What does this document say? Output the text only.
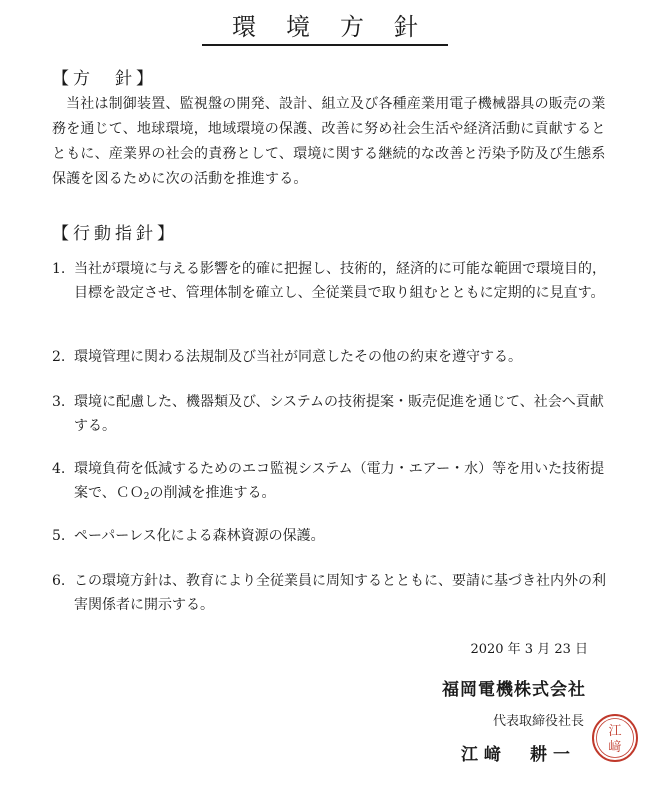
環境方針
【方　針】

当社は制御装置、監視盤の開発、設計、組立及び各種産業用電子機械器具の販売の業務を通じて、地球環境，地域環境の保護、改善に努め社会生活や経済活動に貢献するとともに、産業界の社会的責務として、環境に関する継続的な改善と汚染予防及び生態系保護を図るために次の活動を推進する。

【行動指針】
1. 当社が環境に与える影響を的確に把握し、技術的，経済的に可能な範囲で環境目的，目標を設定させ、管理体制を確立し、全従業員で取り組むとともに定期的に見直す。
2. 環境管理に関わる法規制及び当社が同意したその他の約束を遵守する。
3. 環境に配慮した、機器類及び、システムの技術提案・販売促進を通じて、社会へ貢献する。
4. 環境負荷を低減するためのエコ監視システム（電力・エアー・水）等を用いた技術提案で、ＣＯ$_2$の削減を推進する。
5. ペーパーレス化による森林資源の保護。
6. この環境方針は、教育により全従業員に周知するとともに、要請に基づき社内外の利害関係者に開示する。
2020 年 3 月 23 日
福岡電機株式会社
代表取締役社長
江﨑　耕一
江
﨑
